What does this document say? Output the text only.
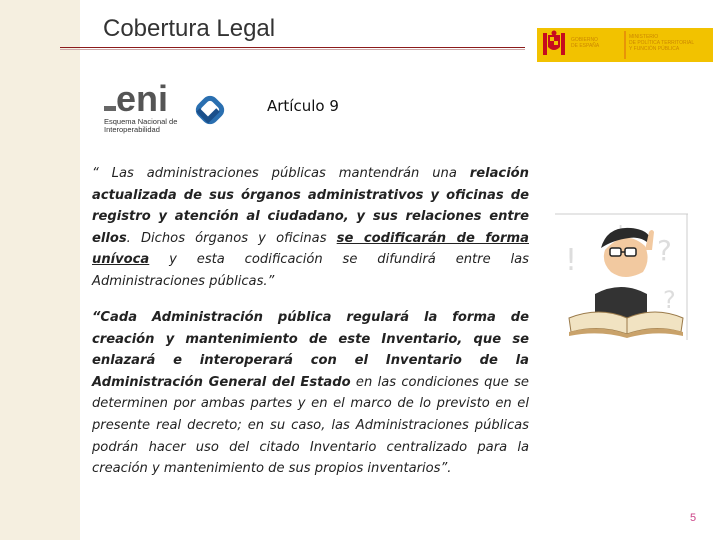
Cobertura Legal	GOBIERNO
DE ESPAÑA
MINISTERIO
DE POLÍTICA TERRITORIAL
Y FUNCIÓN PÚBLICA
eni
Esquema Nacional de
Interoperabilidad
Artículo 9
“ Las administraciones públicas mantendrán una relación actualizada de sus órganos administrativos y oficinas de registro y atención al ciudadano, y sus relaciones entre ellos. Dichos órganos y oficinas se codificarán de forma unívoca y esta codificación se difundirá entre las Administraciones públicas.”
“Cada Administración pública regulará la forma de creación y mantenimiento de este Inventario, que se enlazará e interoperará con el Inventario de la Administración General del Estado en las condiciones que se determinen por ambas partes y en el marco de lo previsto en el presente real decreto; en su caso, las Administraciones públicas podrán hacer uso del citado Inventario centralizado para la creación y mantenimiento de sus propios inventarios”.
!	?
?
5
